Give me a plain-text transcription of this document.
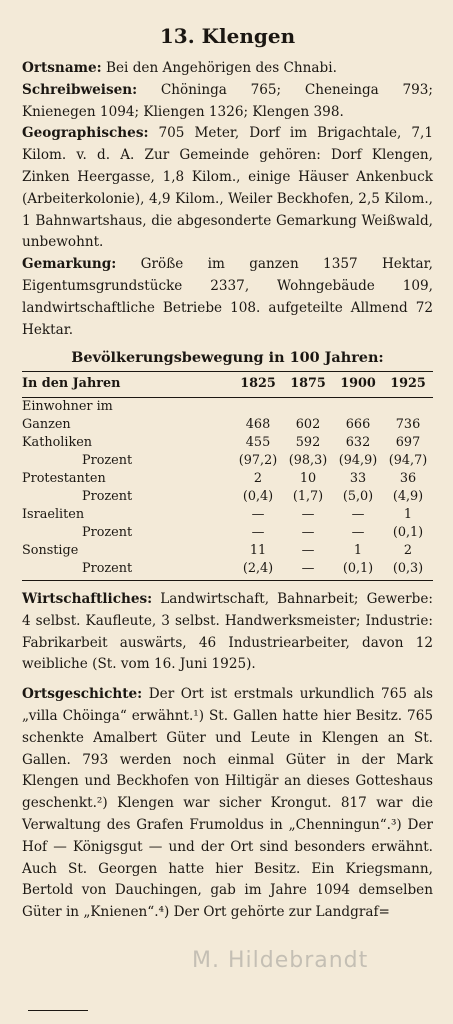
13. Klengen

Ortsname: Bei den Angehörigen des Chnabi.

Schreibweisen: Chöninga 765; Cheneinga 793; Knienegen 1094; Kliengen 1326; Klengen 398.

Geographisches: 705 Meter, Dorf im Brigachtale, 7,1 Kilom. v. d. A. Zur Gemeinde gehören: Dorf Klengen, Zinken Heergasse, 1,8 Kilom., einige Häuser Ankenbuck (Arbeiterkolonie), 4,9 Kilom., Weiler Beckhofen, 2,5 Kilom., 1 Bahnwartshaus, die abgesonderte Gemarkung Weißwald, unbewohnt.

Gemarkung: Größe im ganzen 1357 Hektar, Eigentumsgrundstücke 2337, Wohngebäude 109, landwirtschaftliche Betriebe 108. aufgeteilte Allmend 72 Hektar.

Bevölkerungsbewegung in 100 Jahren:
In den Jahren	1825	1875	1900	1925
Einwohner im				
Ganzen	468	602	666	736
Katholiken	455	592	632	697
Prozent	(97,2)	(98,3)	(94,9)	(94,7)
Protestanten	2	10	33	36
Prozent	(0,4)	(1,7)	(5,0)	(4,9)
Israeliten	—	—	—	1
Prozent	—	—	—	(0,1)
Sonstige	11	—	1	2
Prozent	(2,4)	—	(0,1)	(0,3)

Wirtschaftliches: Landwirtschaft, Bahnarbeit; Gewerbe: 4 selbst. Kaufleute, 3 selbst. Handwerksmeister; Industrie: Fabrikarbeit auswärts, 46 Industriearbeiter, davon 12 weibliche (St. vom 16. Juni 1925).

Ortsgeschichte: Der Ort ist erstmals urkundlich 765 als „villa Chöinga“ erwähnt.¹) St. Gallen hatte hier Besitz. 765 schenkte Amalbert Güter und Leute in Klengen an St. Gallen. 793 werden noch einmal Güter in der Mark Klengen und Beckhofen von Hiltigär an dieses Gotteshaus geschenkt.²) Klengen war sicher Krongut. 817 war die Verwaltung des Grafen Frumoldus in „Chenningun“.³) Der Hof — Königsgut — und der Ort sind besonders erwähnt. Auch St. Georgen hatte hier Besitz. Ein Kriegsmann, Bertold von Dauchingen, gab im Jahre 1094 demselben Güter in „Knienen“.⁴) Der Ort gehörte zur Landgraf=

M. Hildebrandt
